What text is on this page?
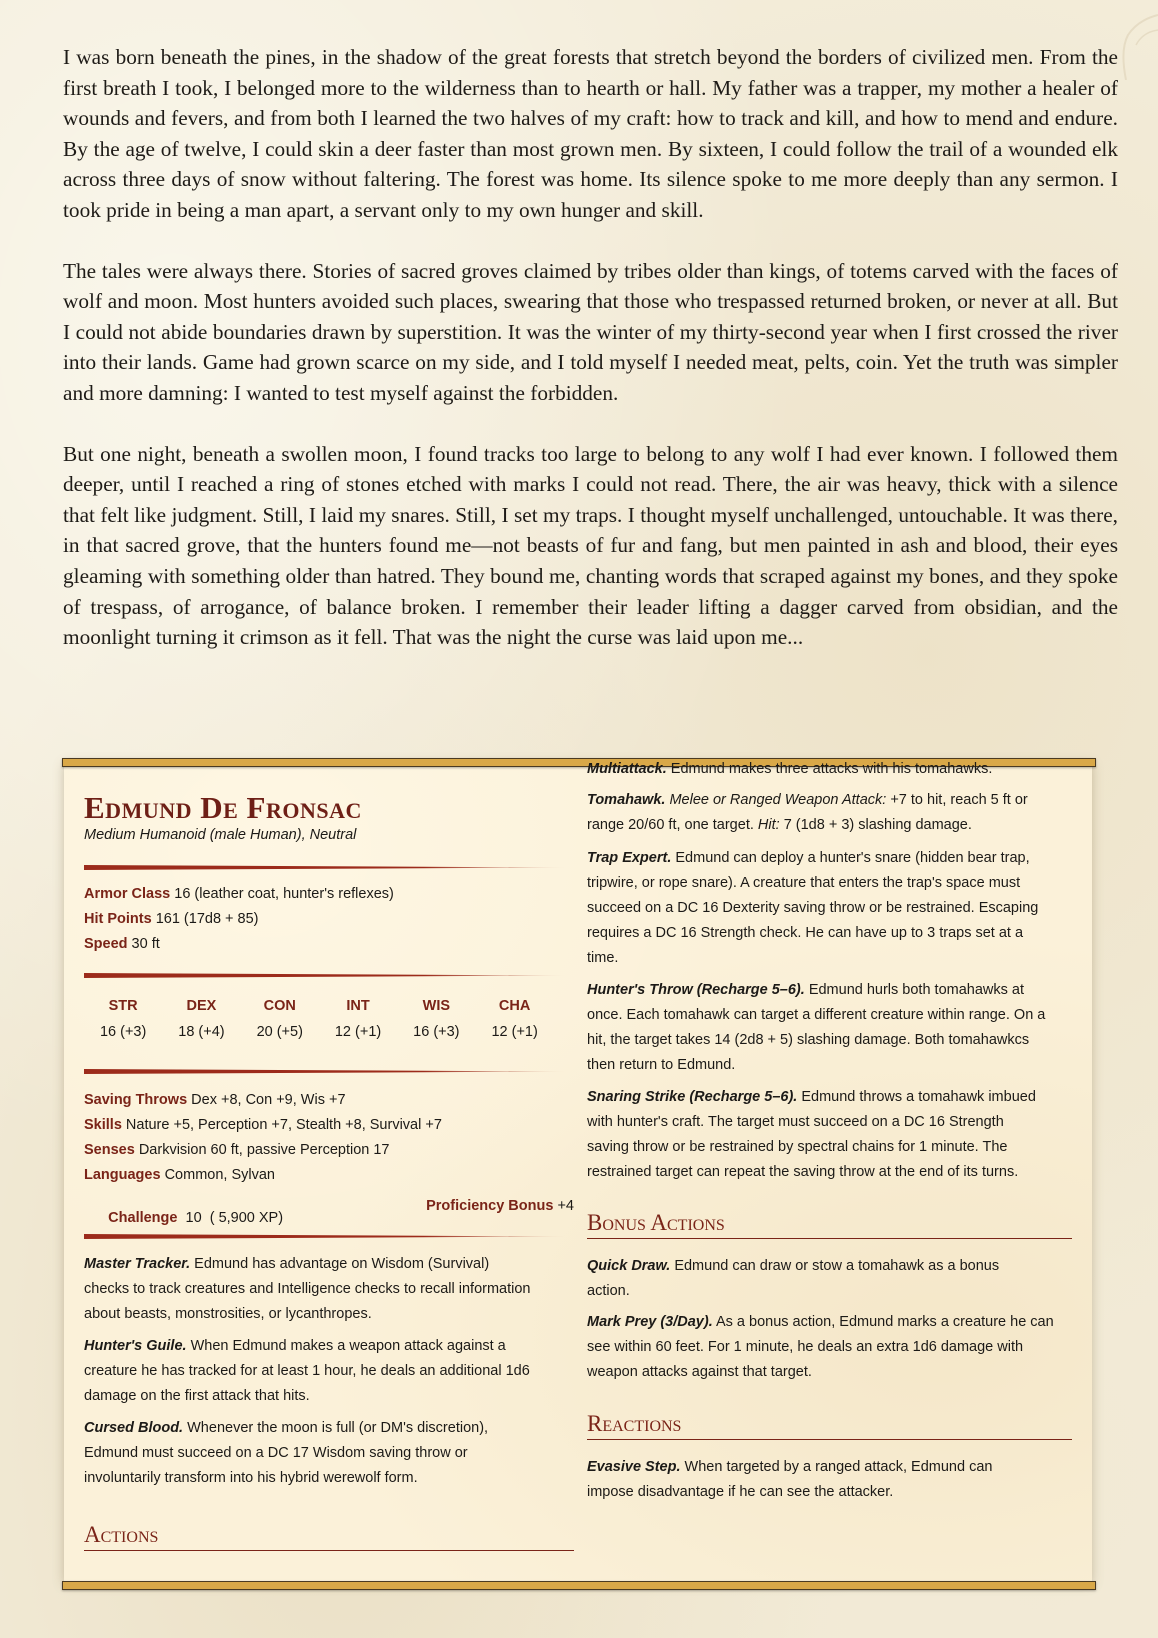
I was born beneath the pines, in the shadow of the great forests that stretch beyond the borders of civilized men. From the first breath I took, I belonged more to the wilderness than to hearth or hall. My father was a trapper, my mother a healer of wounds and fevers, and from both I learned the two halves of my craft: how to track and kill, and how to mend and endure. By the age of twelve, I could skin a deer faster than most grown men. By sixteen, I could follow the trail of a wounded elk across three days of snow without faltering. The forest was home. Its silence spoke to me more deeply than any sermon. I took pride in being a man apart, a servant only to my own hunger and skill.

The tales were always there. Stories of sacred groves claimed by tribes older than kings, of totems carved with the faces of wolf and moon. Most hunters avoided such places, swearing that those who trespassed returned broken, or never at all. But I could not abide boundaries drawn by superstition. It was the winter of my thirty-second year when I first crossed the river into their lands. Game had grown scarce on my side, and I told myself I needed meat, pelts, coin. Yet the truth was simpler and more damning: I wanted to test myself against the forbidden.

But one night, beneath a swollen moon, I found tracks too large to belong to any wolf I had ever known. I followed them deeper, until I reached a ring of stones etched with marks I could not read. There, the air was heavy, thick with a silence that felt like judgment. Still, I laid my snares. Still, I set my traps. I thought myself unchallenged, untouchable. It was there, in that sacred grove, that the hunters found me—not beasts of fur and fang, but men painted in ash and blood, their eyes gleaming with something older than hatred. They bound me, chanting words that scraped against my bones, and they spoke of trespass, of arrogance, of balance broken. I remember their leader lifting a dagger carved from obsidian, and the moonlight turning it crimson as it fell. That was the night the curse was laid upon me...

Edmund De Fronsac
Medium Humanoid (male Human), Neutral
Armor Class 16 (leather coat, hunter's reflexes)
Hit Points 161 (17d8 + 85)
Speed 30 ft
STR
16 (+3)
DEX
18 (+4)
CON
20 (+5)
INT
12 (+1)
WIS
16 (+3)
CHA
12 (+1)
Saving Throws Dex +8, Con +9, Wis +7
Skills Nature +5, Perception +7, Stealth +8, Survival +7
Senses Darkvision 60 ft, passive Perception 17
Languages Common, Sylvan

Challenge 10  ( 5,900 XP)

Proficiency Bonus +4
Master Tracker. Edmund has advantage on Wisdom (Survival) checks to track creatures and Intelligence checks to recall information about beasts, monstrosities, or lycanthropes.
Hunter's Guile. When Edmund makes a weapon attack against a creature he has tracked for at least 1 hour, he deals an additional 1d6 damage on the first attack that hits.
Cursed Blood. Whenever the moon is full (or DM's discretion), Edmund must succeed on a DC 17 Wisdom saving throw or involuntarily transform into his hybrid werewolf form.
Actions
Multiattack. Edmund makes three attacks with his tomahawks.
Tomahawk. Melee or Ranged Weapon Attack: +7 to hit, reach 5 ft or range 20/60 ft, one target. Hit: 7 (1d8 + 3) slashing damage.
Trap Expert. Edmund can deploy a hunter's snare (hidden bear trap, tripwire, or rope snare). A creature that enters the trap's space must succeed on a DC 16 Dexterity saving throw or be restrained. Escaping requires a DC 16 Strength check. He can have up to 3 traps set at a time.
Hunter's Throw (Recharge 5–6). Edmund hurls both tomahawks at once. Each tomahawk can target a different creature within range. On a hit, the target takes 14 (2d8 + 5) slashing damage. Both tomahawkcs then return to Edmund.
Snaring Strike (Recharge 5–6). Edmund throws a tomahawk imbued with hunter's craft. The target must succeed on a DC 16 Strength saving throw or be restrained by spectral chains for 1 minute. The restrained target can repeat the saving throw at the end of its turns.
Bonus Actions
Quick Draw. Edmund can draw or stow a tomahawk as a bonus action.
Mark Prey (3/Day). As a bonus action, Edmund marks a creature he can see within 60 feet. For 1 minute, he deals an extra 1d6 damage with weapon attacks against that target.
Reactions
Evasive Step. When targeted by a ranged attack, Edmund can impose disadvantage if he can see the attacker.
